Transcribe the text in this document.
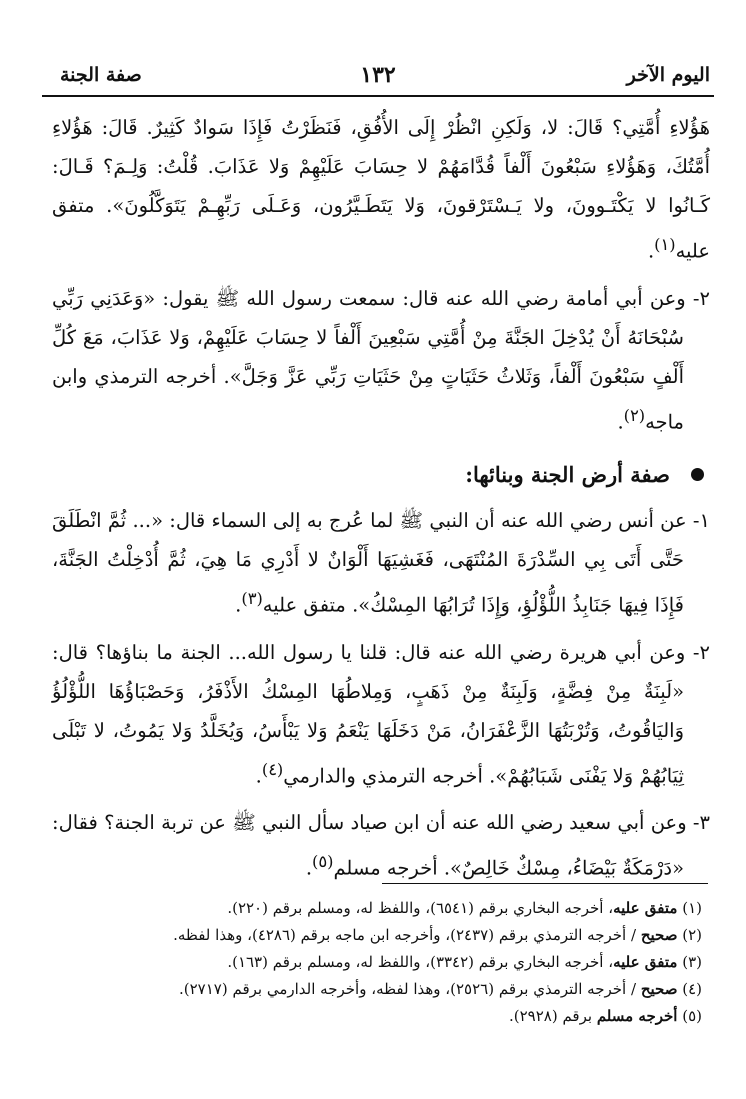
اليوم الآخر
١٣٢
صفة الجنة

هَؤُلاءِ أُمَّتِي؟ قَالَ: لا، وَلَكِنِ انْظُرْ إِلَى الأُفُقِ، فَنَظَرْتُ فَإِذَا سَوادٌ كَثِيرٌ. قَالَ: هَؤُلاءِ أُمَّتُكَ، وَهَؤُلاءِ سَبْعُونَ أَلْفاً قُدَّامَهُمْ لا حِسَابَ عَلَيْهِمْ وَلا عَذَابَ. قُلْتُ: وَلِـمَ؟ قَـالَ: كَـانُوا لا يَكْتَـوونَ، ولا يَـسْتَرْقونَ، وَلا يَتَطَـيَّرُون، وَعَـلَى رَبِّهِـمْ يَتَوَكَّلُونَ». متفق عليه$^{(١)}$.

٢- وعن أبي أمامة رضي الله عنه قال: سمعت رسول الله ﷺ يقول: «وَعَدَنِي رَبِّي سُبْحَانَهُ أَنْ يُدْخِلَ الجَنَّةَ مِنْ أُمَّتِي سَبْعِينَ أَلْفاً لا حِسَابَ عَلَيْهِمْ، وَلا عَذَابَ، مَعَ كُلِّ أَلْفٍ سَبْعُونَ أَلْفاً، وَثَلاثُ حَثَيَاتٍ مِنْ حَثَيَاتِ رَبِّي عَزَّ وَجَلَّ». أخرجه الترمذي وابن ماجه$^{(٢)}$.

صفة أرض الجنة وبنائها:

١- عن أنس رضي الله عنه أن النبي ﷺ لما عُرج به إلى السماء قال: «... ثُمَّ انْطَلَقَ حَتَّى أَتَى بِي السِّدْرَةَ المُنْتَهَى، فَغَشِيَهَا أَلْوَانٌ لا أَدْرِي مَا هِيَ، ثُمَّ أُدْخِلْتُ الجَنَّةَ، فَإِذَا فِيهَا جَنَابِذُ اللُّؤْلُؤِ، وَإِذَا تُرَابُهَا المِسْكُ». متفق عليه$^{(٣)}$.

٢- وعن أبي هريرة رضي الله عنه قال: قلنا يا رسول الله... الجنة ما بناؤها؟ قال: «لَبِنَةٌ مِنْ فِضَّةٍ، وَلَبِنَةٌ مِنْ ذَهَبٍ، وَمِلاطُهَا المِسْكُ الأَذْفَرُ، وَحَصْبَاؤُهَا اللُّؤْلُؤُ وَاليَاقُوتُ، وَتُرْبَتُهَا الزَّعْفَرَانُ، مَنْ دَخَلَهَا يَنْعَمُ وَلا يَبْأَسُ، وَيُخَلَّدُ وَلا يَمُوتُ، لا تَبْلَى ثِيَابُهُمْ وَلا يَفْنَى شَبَابُهُمْ». أخرجه الترمذي والدارمي$^{(٤)}$.

٣- وعن أبي سعيد رضي الله عنه أن ابن صياد سأل النبي ﷺ عن تربة الجنة؟ فقال: «دَرْمَكَةٌ بَيْضَاءُ، مِسْكٌ خَالِصٌ». أخرجه مسلم$^{(٥)}$.

(١) متفق عليه، أخرجه البخاري برقم (٦٥٤١)، واللفظ له، ومسلم برقم (٢٢٠).

(٢) صحيح / أخرجه الترمذي برقم (٢٤٣٧)، وأخرجه ابن ماجه برقم (٤٢٨٦)، وهذا لفظه.

(٣) متفق عليه، أخرجه البخاري برقم (٣٣٤٢)، واللفظ له، ومسلم برقم (١٦٣).

(٤) صحيح / أخرجه الترمذي برقم (٢٥٢٦)، وهذا لفظه، وأخرجه الدارمي برقم (٢٧١٧).

(٥) أخرجه مسلم برقم (٢٩٢٨).
